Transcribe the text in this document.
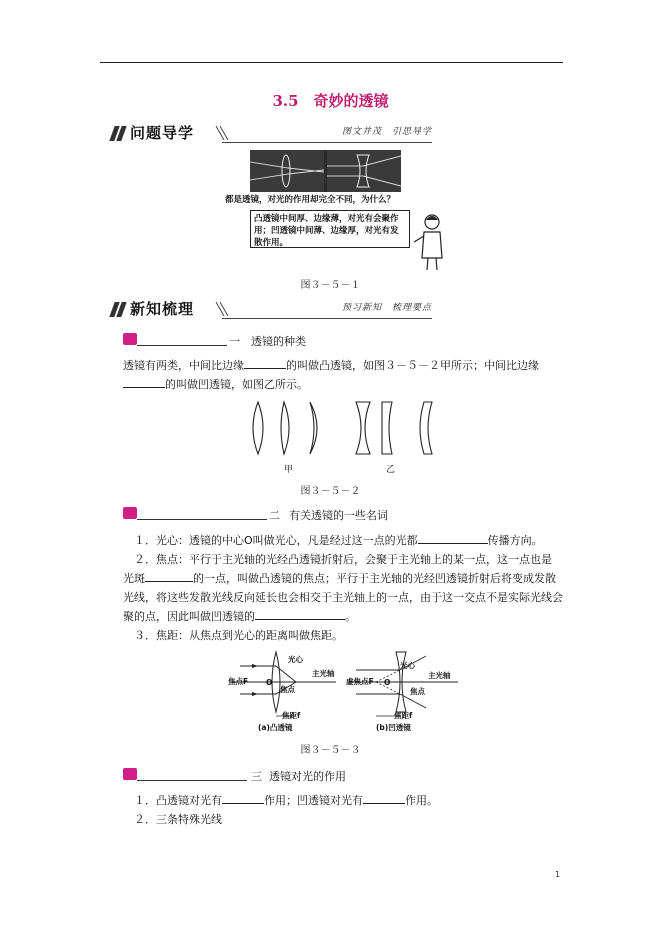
3.5　奇妙的透镜
问题导学	图文并茂　引思导学
都是透镜，对光的作用却完全不同，为什么？
凸透镜中间厚、边缘薄，对光有会聚作用；凹透镜中间薄、边缘厚，对光有发散作用。
图３－５－１
新知梳理	预习新知　梳理要点
一 透镜的种类

透镜有两类，中间比边缘	的叫做凸透镜，如图３－５－２甲所示；中间比边缘

的叫做凹透镜，如图乙所示。

甲	乙
图３－５－２
二 有关透镜的一些名词

　１．光心：透镜的中心O叫做光心，凡是经过这一点的光都	传播方向。

　２．焦点：平行于主光轴的光经凸透镜折射后，会聚于主光轴上的某一点，这一点也是

光斑	的一点，叫做凸透镜的焦点；平行于主光轴的光经凹透镜折射后将变成发散

光线，将这些发散光线反向延长也会相交于主光轴上的一点，由于这一交点不是实际光线会

聚的点，因此叫做凹透镜的	。

　３．焦距：从焦点到光心的距离叫做焦距。

光心
主光轴
焦点F O
焦点
焦距f
(a)凸透镜
光心
主光轴
虚焦点F O
焦点
焦距f
(b)凹透镜
图３－５－３
三 透镜对光的作用

　１．凸透镜对光有	作用；凹透镜对光有	作用。

　２．三条特殊光线

1
